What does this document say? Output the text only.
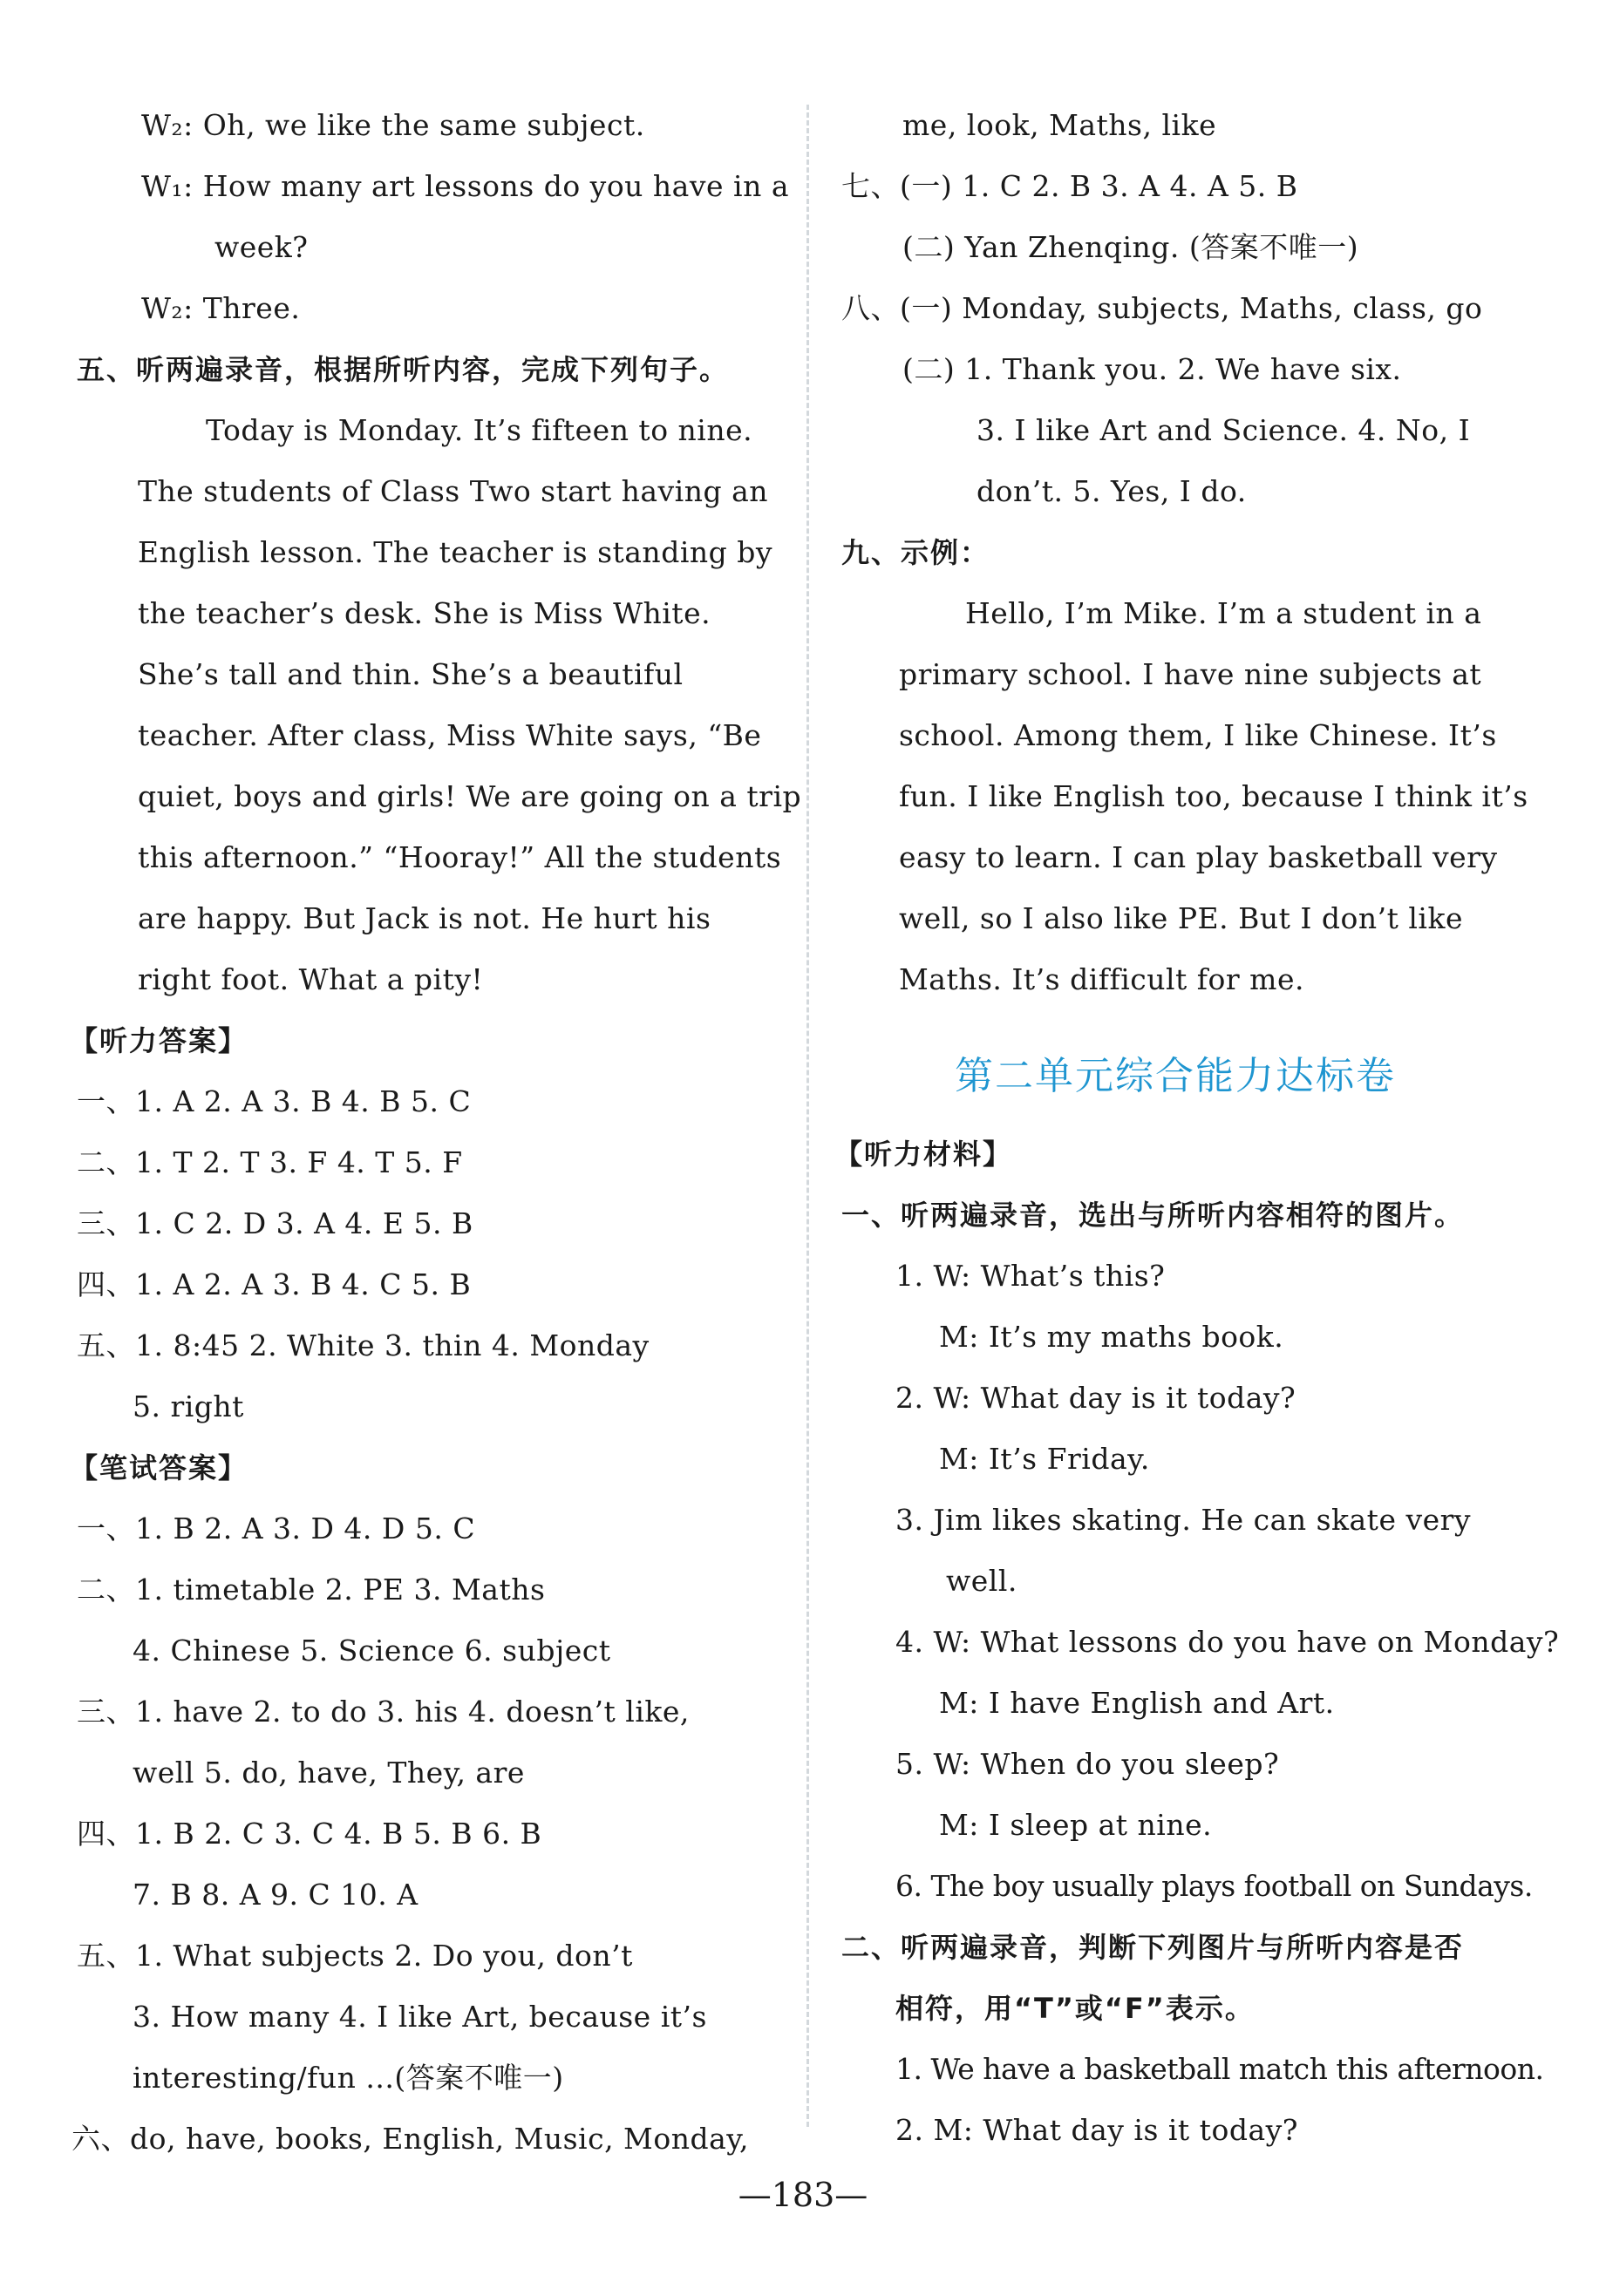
W₂: Oh, we like the same subject.
W₁: How many art lessons do you have in a
week?
W₂: Three.
五、听两遍录音，根据所听内容，完成下列句子。
Today is Monday. It’s fifteen to nine.
The students of Class Two start having an
English lesson. The teacher is standing by
the teacher’s desk. She is Miss White.
She’s tall and thin. She’s a beautiful
teacher. After class, Miss White says, “Be
quiet, boys and girls! We are going on a trip
this afternoon.” “Hooray!” All the students
are happy. But Jack is not. He hurt his
right foot. What a pity!
【听力答案】
一、1. A 2. A 3. B 4. B 5. C
二、1. T 2. T 3. F 4. T 5. F
三、1. C 2. D 3. A 4. E 5. B
四、1. A 2. A 3. B 4. C 5. B
五、1. 8:45 2. White 3. thin 4. Monday
5. right
【笔试答案】
一、1. B 2. A 3. D 4. D 5. C
二、1. timetable 2. PE 3. Maths
4. Chinese 5. Science 6. subject
三、1. have 2. to do 3. his 4. doesn’t like,
well 5. do, have, They, are
四、1. B 2. C 3. C 4. B 5. B 6. B
7. B 8. A 9. C 10. A
五、1. What subjects 2. Do you, don’t
3. How many 4. I like Art, because it’s
interesting/fun ...(答案不唯一)
六、do, have, books, English, Music, Monday,
me, look, Maths, like
七、(一) 1. C 2. B 3. A 4. A 5. B
(二) Yan Zhenqing. (答案不唯一)
八、(一) Monday, subjects, Maths, class, go
(二) 1. Thank you. 2. We have six.
3. I like Art and Science. 4. No, I
don’t. 5. Yes, I do.
九、示例：
Hello, I’m Mike. I’m a student in a
primary school. I have nine subjects at
school. Among them, I like Chinese. It’s
fun. I like English too, because I think it’s
easy to learn. I can play basketball very
well, so I also like PE. But I don’t like
Maths. It’s difficult for me.
第二单元综合能力达标卷
【听力材料】
一、听两遍录音，选出与所听内容相符的图片。
1. W: What’s this?
M: It’s my maths book.
2. W: What day is it today?
M: It’s Friday.
3. Jim likes skating. He can skate very
well.
4. W: What lessons do you have on Monday?
M: I have English and Art.
5. W: When do you sleep?
M: I sleep at nine.
6. The boy usually plays football on Sundays.
二、听两遍录音，判断下列图片与所听内容是否
相符，用“T”或“F”表示。
1. We have a basketball match this afternoon.
2. M: What day is it today?
—183—
